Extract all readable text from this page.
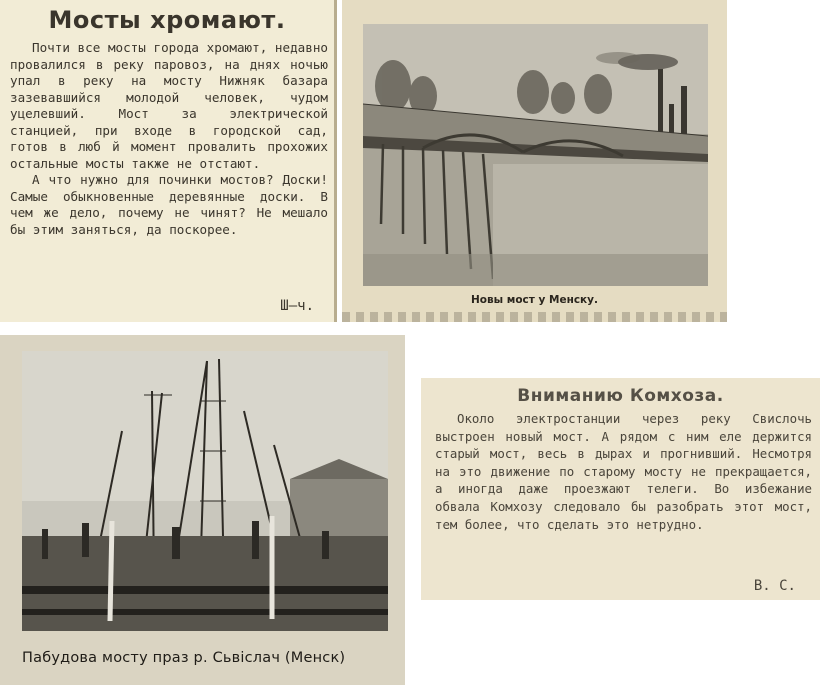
Мосты хромают.

Почти все мосты города хромают, недавно провалился в реку паровоз, на днях ночью упал в реку на мосту Нижняк базара зазевавшийся молодой человек, чудом уцелевший. Мост за электрической станцией, при входе в городской сад, готов в люб й момент провалить прохожих остальные мосты также не отстают.

А что нужно для починки мостов? Доски! Самые обыкновенные деревянные доски. В чем же дело, почему не чинят? Не мешало бы этим заняться, да поскорее.

Ш—ч.	Новы мост у Менску.
Пабудова мосту праз р. Сьвіслач (Менск)
Вниманию Комхоза.

Около электростанции через реку Свислочь выстроен новый мост. А рядом с ним еле держится старый мост, весь в дырах и прогнивший. Несмотря на это движение по старому мосту не прекращается, а иногда даже проезжают телеги. Во избежание обвала Комхозу следовало бы разобрать этот мост, тем более, что сделать это нетрудно.

В. С.
